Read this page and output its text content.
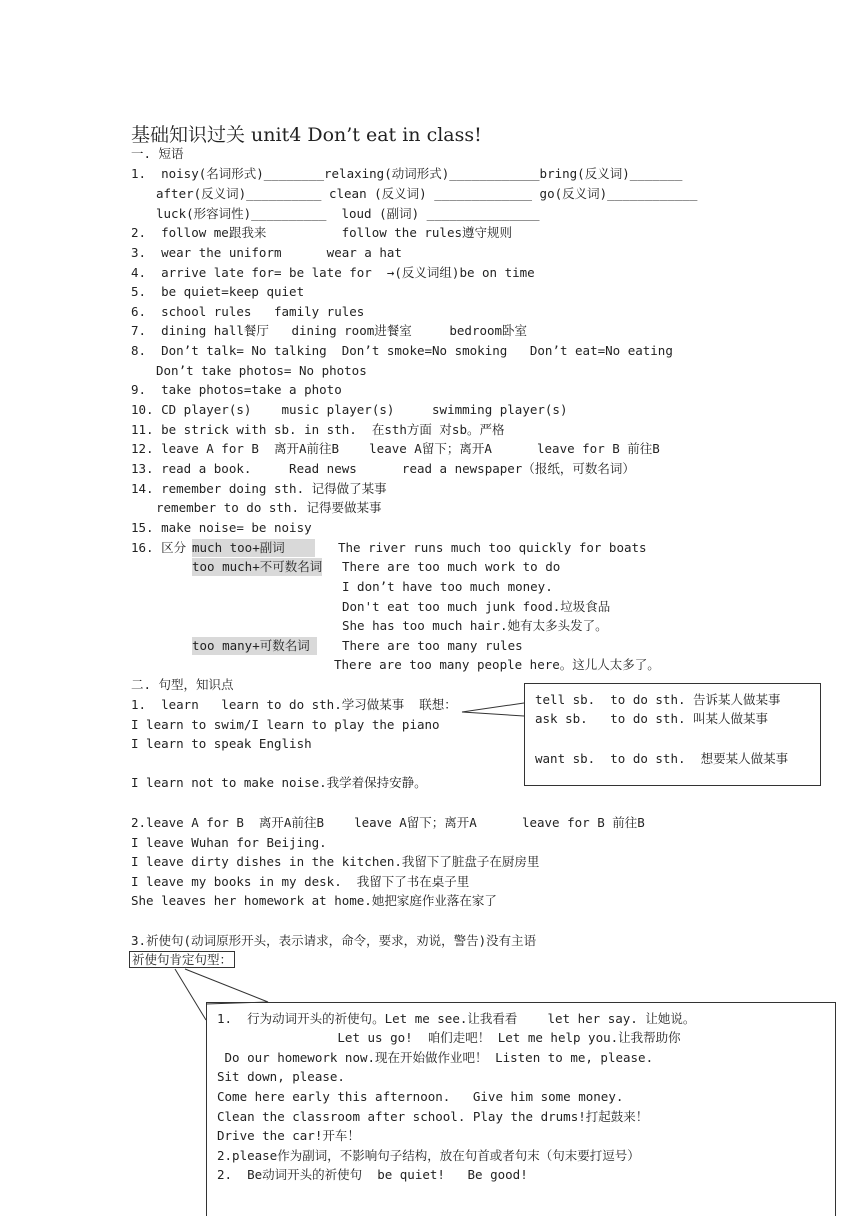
基础知识过关 unit4 Don’t eat in class!
一. 短语
1.  noisy(名词形式)________relaxing(动词形式)____________bring(反义词)_______
after(反义词)__________ clean (反义词) _____________ go(反义词)____________
luck(形容词性)__________  loud (副词) _______________
2.  follow me跟我来          follow the rules遵守规则
3.  wear the uniform      wear a hat
4.  arrive late for= be late for  →(反义词组)be on time
5.  be quiet=keep quiet
6.  school rules   family rules
7.  dining hall餐厅   dining room进餐室     bedroom卧室
8.  Don’t talk= No talking  Don’t smoke=No smoking   Don’t eat=No eating
Don’t take photos= No photos
9.  take photos=take a photo
10. CD player(s)    music player(s)     swimming player(s)
11. be strick with sb. in sth.  在sth方面 对sb。严格
12. leave A for B  离开A前往B    leave A留下；离开A      leave for B 前往B
13. read a book.     Read news      read a newspaper（报纸，可数名词）
14. remember doing sth. 记得做了某事
remember to do sth. 记得要做某事
15. make noise= be noisy
16. 区分 much too+副词 The river runs much too quickly for boats
too much+不可数名词 There are too much work to do
I don’t have too much money.
Don't eat too much junk food.垃圾食品
She has too much hair.她有太多头发了。
too many+可数名词 There are too many rules
There are too many people here。这儿人太多了。
二. 句型，知识点
1.  learn   learn to do sth.学习做某事  联想：
I learn to swim/I learn to play the piano
I learn to speak English
I learn not to make noise.我学着保持安静。
tell sb.  to do sth. 告诉某人做某事
ask sb.   to do sth. 叫某人做某事
want sb.  to do sth.  想要某人做某事
2.leave A for B  离开A前往B    leave A留下；离开A      leave for B 前往B
I leave Wuhan for Beijing.
I leave dirty dishes in the kitchen.我留下了脏盘子在厨房里
I leave my books in my desk.  我留下了书在桌子里
She leaves her homework at home.她把家庭作业落在家了
3.祈使句(动词原形开头，表示请求，命令，要求，劝说，警告)没有主语
祈使句肯定句型：
1.  行为动词开头的祈使句。Let me see.让我看看    let her say. 让她说。
Let us go!  咱们走吧！ Let me help you.让我帮助你
Do our homework now.现在开始做作业吧！ Listen to me, please.
Sit down, please.
Come here early this afternoon.   Give him some money.
Clean the classroom after school. Play the drums!打起鼓来！
Drive the car!开车！
2.please作为副词，不影响句子结构，放在句首或者句末（句末要打逗号）
2.  Be动词开头的祈使句  be quiet!   Be good!
